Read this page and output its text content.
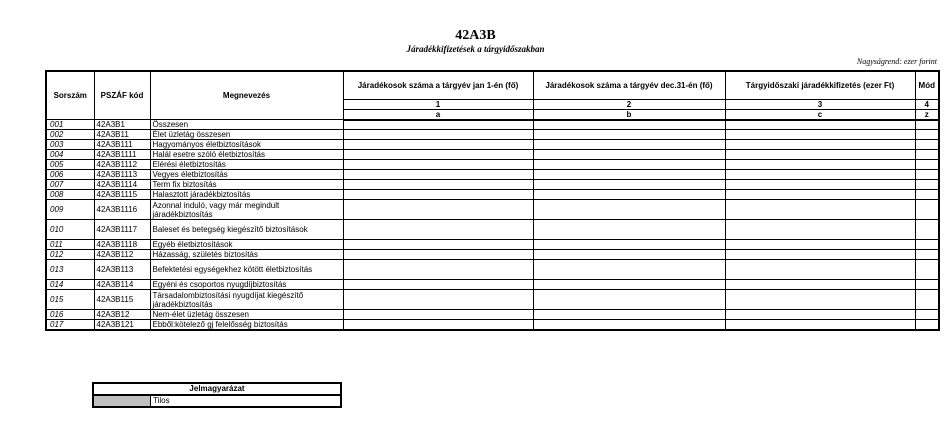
42A3B
Járadékkifizetések a tárgyidőszakban
Nagyságrend: ezer forint
Sorszám	PSZÁF kód	Megnevezés	Járadékosok száma a tárgyév jan 1-én (fő)	Járadékosok száma a tárgyév dec.31-én (fő)	Tárgyidőszaki járadékkifizetés (ezer Ft)	Mód
			1	2	3	4
			a	b	c	z
001	42A3B1	Összesen				
002	42A3B11	Élet üzletág összesen				
003	42A3B111	Hagyományos életbiztosítások				
004	42A3B1111	Halál esetre szóló életbiztosítás				
005	42A3B1112	Elérési életbiztosítás				
006	42A3B1113	Vegyes életbiztosítás				
007	42A3B1114	Term fix biztosítás				
008	42A3B1115	Halasztott járadékbiztosítás				
009	42A3B1116	Azonnal induló, vagy már megindult járadékbiztosítás				
010	42A3B1117	Baleset és betegség kiegészítő biztosítások				
011	42A3B1118	Egyéb életbiztosítások				
012	42A3B112	Házasság, születés biztosítás				
013	42A3B113	Befektetési egységekhez kötött életbiztosítás				
014	42A3B114	Egyéni és csoportos nyugdíjbiztosítás				
015	42A3B115	Társadalombiztosítási nyugdíjat kiegészítő járadékbiztosítás				
016	42A3B12	Nem-élet üzletág összesen				
017	42A3B121	Ebből:kötelező gj felelősség biztosítás				
Jelmagyarázat
	Tilos
